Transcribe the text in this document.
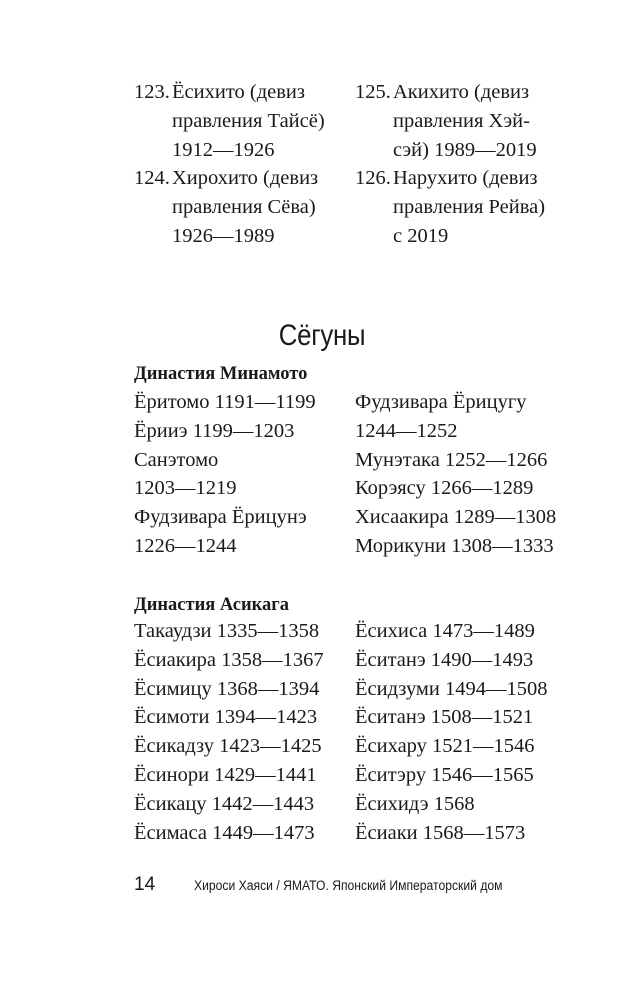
123. Ёсихито (девиз
правления Тайсё)
1912—1926
124. Хирохито (девиз
правления Сёва)
1926—1989
125. Акихито (девиз
правления Хэй-
сэй) 1989—2019
126. Нарухито (девиз
правления Рейва)
с 2019
Сёгуны
Династия Минамото
Ёритомо 1191—1199
Ёрииэ 1199—1203
Санэтомо
1203—1219
Фудзивара Ёрицунэ
1226—1244
Фудзивара Ёрицугу
1244—1252
Мунэтака 1252—1266
Корэясу 1266—1289
Хисаакира 1289—1308
Морикуни 1308—1333
Династия Асикага
Такаудзи 1335—1358
Ёсиакира 1358—1367
Ёсимицу 1368—1394
Ёсимоти 1394—1423
Ёсикадзу 1423—1425
Ёсинори 1429—1441
Ёсикацу 1442—1443
Ёсимаса 1449—1473
Ёсихиса 1473—1489
Ёситанэ 1490—1493
Ёсидзуми 1494—1508
Ёситанэ 1508—1521
Ёсихару 1521—1546
Ёситэру 1546—1565
Ёсихидэ 1568
Ёсиаки 1568—1573
14	Хироси Хаяси / ЯМАТО. Японский Императорский дом
